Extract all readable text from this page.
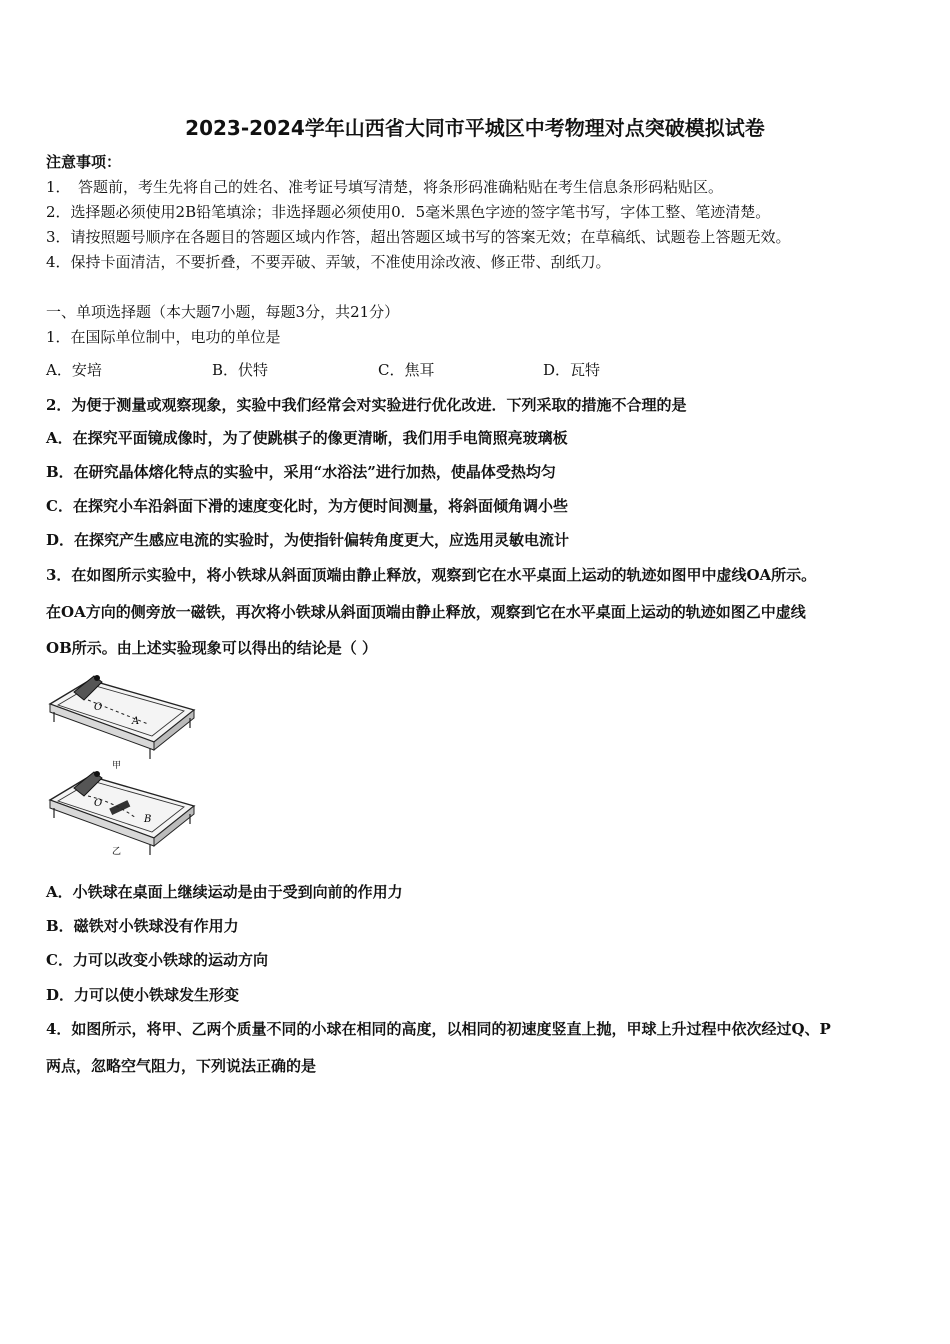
2023-2024学年山西省大同市平城区中考物理对点突破模拟试卷
注意事项：
1．　答题前，考生先将自己的姓名、准考证号填写清楚，将条形码准确粘贴在考生信息条形码粘贴区。
2．选择题必须使用2B铅笔填涂；非选择题必须使用0．5毫米黑色字迹的签字笔书写，字体工整、笔迹清楚。
3．请按照题号顺序在各题目的答题区域内作答，超出答题区域书写的答案无效；在草稿纸、试题卷上答题无效。
4．保持卡面清洁，不要折叠，不要弄破、弄皱，不准使用涂改液、修正带、刮纸刀。
一、单项选择题（本大题7小题，每题3分，共21分）
1．在国际单位制中，电功的单位是
A．安培	B．伏特	C．焦耳	D．瓦特
2．为便于测量或观察现象，实验中我们经常会对实验进行优化改进．下列采取的措施不合理的是
A．在探究平面镜成像时，为了使跳棋子的像更清晰，我们用手电筒照亮玻璃板
B．在研究晶体熔化特点的实验中，采用“水浴法”进行加热，使晶体受热均匀
C．在探究小车沿斜面下滑的速度变化时，为方便时间测量，将斜面倾角调小些
D．在探究产生感应电流的实验时，为使指针偏转角度更大，应选用灵敏电流计
3．在如图所示实验中，将小铁球从斜面顶端由静止释放，观察到它在水平桌面上运动的轨迹如图甲中虚线OA所示。
在OA方向的侧旁放一磁铁，再次将小铁球从斜面顶端由静止释放，观察到它在水平桌面上运动的轨迹如图乙中虚线
OB所示。由上述实验现象可以得出的结论是（ ）
O
A
甲
O
B
乙
A．小铁球在桌面上继续运动是由于受到向前的作用力
B．磁铁对小铁球没有作用力
C．力可以改变小铁球的运动方向
D．力可以使小铁球发生形变
4．如图所示，将甲、乙两个质量不同的小球在相同的高度，以相同的初速度竖直上抛，甲球上升过程中依次经过Q、P
两点，忽略空气阻力，下列说法正确的是
